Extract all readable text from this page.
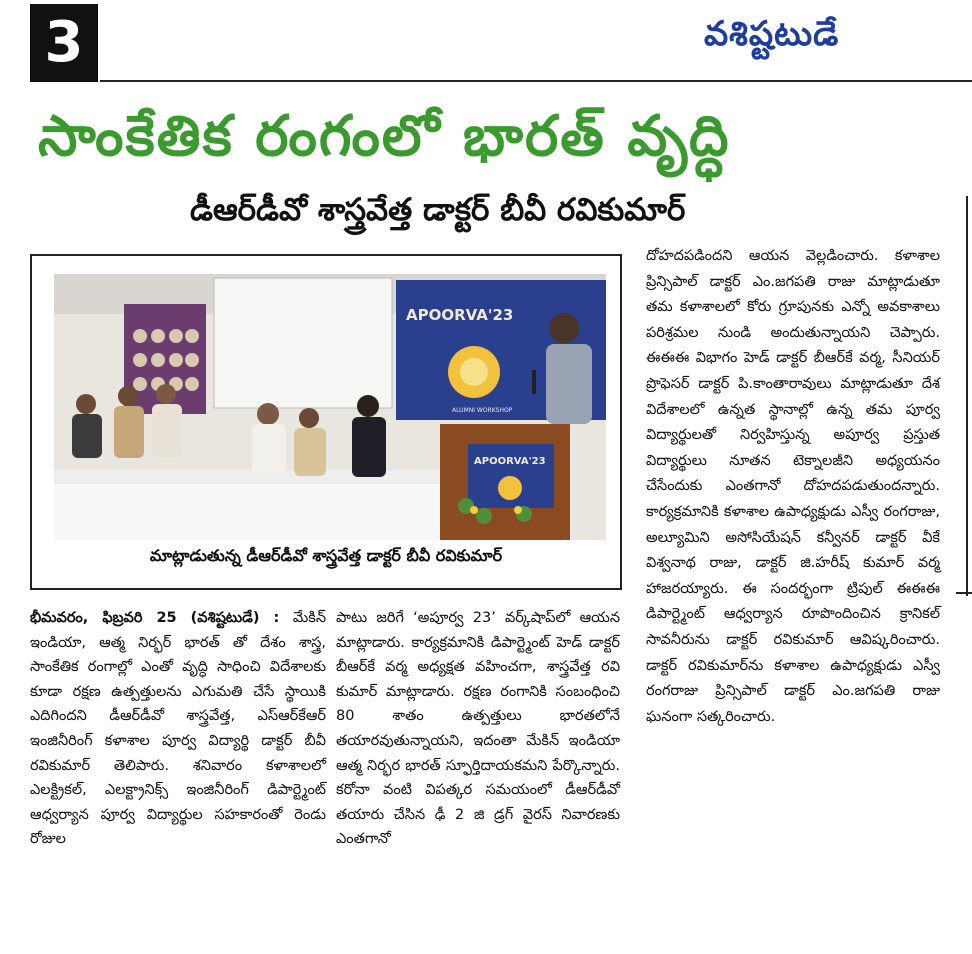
3	వశిష్టటుడే
సాంకేతిక రంగంలో భారత్ వృద్ధి
డీఆర్‌డీవో శాస్త్రవేత్త డాక్టర్ బీవీ రవికుమార్
APOORVA'23
ALUMNI WORKSHOP
APOORVA'23
మాట్లాడుతున్న డీఆర్‌డీవో శాస్త్రవేత్త డాక్టర్ బీవీ రవికుమార్

భీమవరం, ఫిబ్రవరి 25 (వశిష్టటుడే) : మేకిన్ ఇండియా, ఆత్మ నిర్భర్ భారత్ తో దేశం శాస్త్ర, సాంకేతిక రంగాల్లో ఎంతో వృద్ధి సాధించి విదేశాలకు కూడా రక్షణ ఉత్పత్తులను ఎగుమతి చేసే స్థాయికి ఎదిగిందని డీఆర్‌డీవో శాస్త్రవేత్త, ఎస్ఆర్‌కేఆర్ ఇంజినీరింగ్ కళాశాల పూర్వ విద్యార్థి డాక్టర్ బీవీ రవికుమార్ తెలిపారు. శనివారం కళాశాలలో ఎలక్ట్రికల్, ఎలక్ట్రానిక్స్ ఇంజినీరింగ్ డిపార్ట్మెంట్ ఆధ్వర్యాన పూర్వ విద్యార్థుల సహకారంతో రెండు రోజుల

పాటు జరిగే ‘అపూర్వ 23’ వర్క్‌షాప్‌లో ఆయన మాట్లాడారు. కార్యక్రమానికి డిపార్ట్మెంట్ హెడ్ డాక్టర్ బీఆర్‌కే వర్మ అధ్యక్షత వహించగా, శాస్త్రవేత్త రవి కుమార్ మాట్లాడారు. రక్షణ రంగానికి సంబంధించి 80 శాతం ఉత్పత్తులు భారతలోనే తయారవుతున్నాయని, ఇదంతా మేకిన్ ఇండియా ఆత్మ నిర్భర భారత్ స్ఫూర్తిదాయకమని పేర్కొన్నారు. కరోనా వంటి విపత్కర సమయంలో డీఆర్‌డీవో తయారు చేసిన ఢీ 2 జి డ్రగ్ వైరస్ నివారణకు ఎంతగానో

దోహదపడిందని ఆయన వెల్లడించారు. కళాశాల ప్రిన్సిపాల్ డాక్టర్ ఎం.జగపతి రాజు మాట్లాడుతూ తమ కళాశాలలో కోరు గ్రూపునకు ఎన్నో అవకాశాలు పరిశ్రమల నుండి అందుతున్నాయని చెప్పారు. ఈఈఈ విభాగం హెడ్ డాక్టర్ బీఆర్‌కే వర్మ, సీనియర్ ప్రొఫెసర్ డాక్టర్ పి.కాంతారావులు మాట్లాడుతూ దేశ విదేశాలలో ఉన్నత స్థానాల్లో ఉన్న తమ పూర్వ విద్యార్థులతో నిర్వహిస్తున్న అపూర్వ ప్రస్తుత విద్యార్థులు నూతన టెక్నాలజీని అధ్యయనం చేసేందుకు ఎంతగానో దోహదపడుతుందన్నారు. కార్యక్రమానికి కళాశాల ఉపాధ్యక్షుడు ఎస్వీ రంగరాజు, అల్యూమిని అసోసియేషన్ కన్వీనర్ డాక్టర్ వీకే విశ్వనాథ రాజు, డాక్టర్ జి.హరీష్ కుమార్ వర్మ హాజరయ్యారు. ఈ సందర్భంగా ట్రిపుల్ ఈఈఈ డిపార్ట్మెంట్ ఆధ్వర్యాన రూపొందించిన క్రానికల్ సావనీరును డాక్టర్ రవికుమార్ ఆవిష్కరించారు. డాక్టర్ రవికుమార్‌ను కళాశాల ఉపాధ్యక్షుడు ఎస్వీ రంగరాజు ప్రిన్సిపాల్ డాక్టర్ ఎం.జగపతి రాజు ఘనంగా సత్కరించారు.
